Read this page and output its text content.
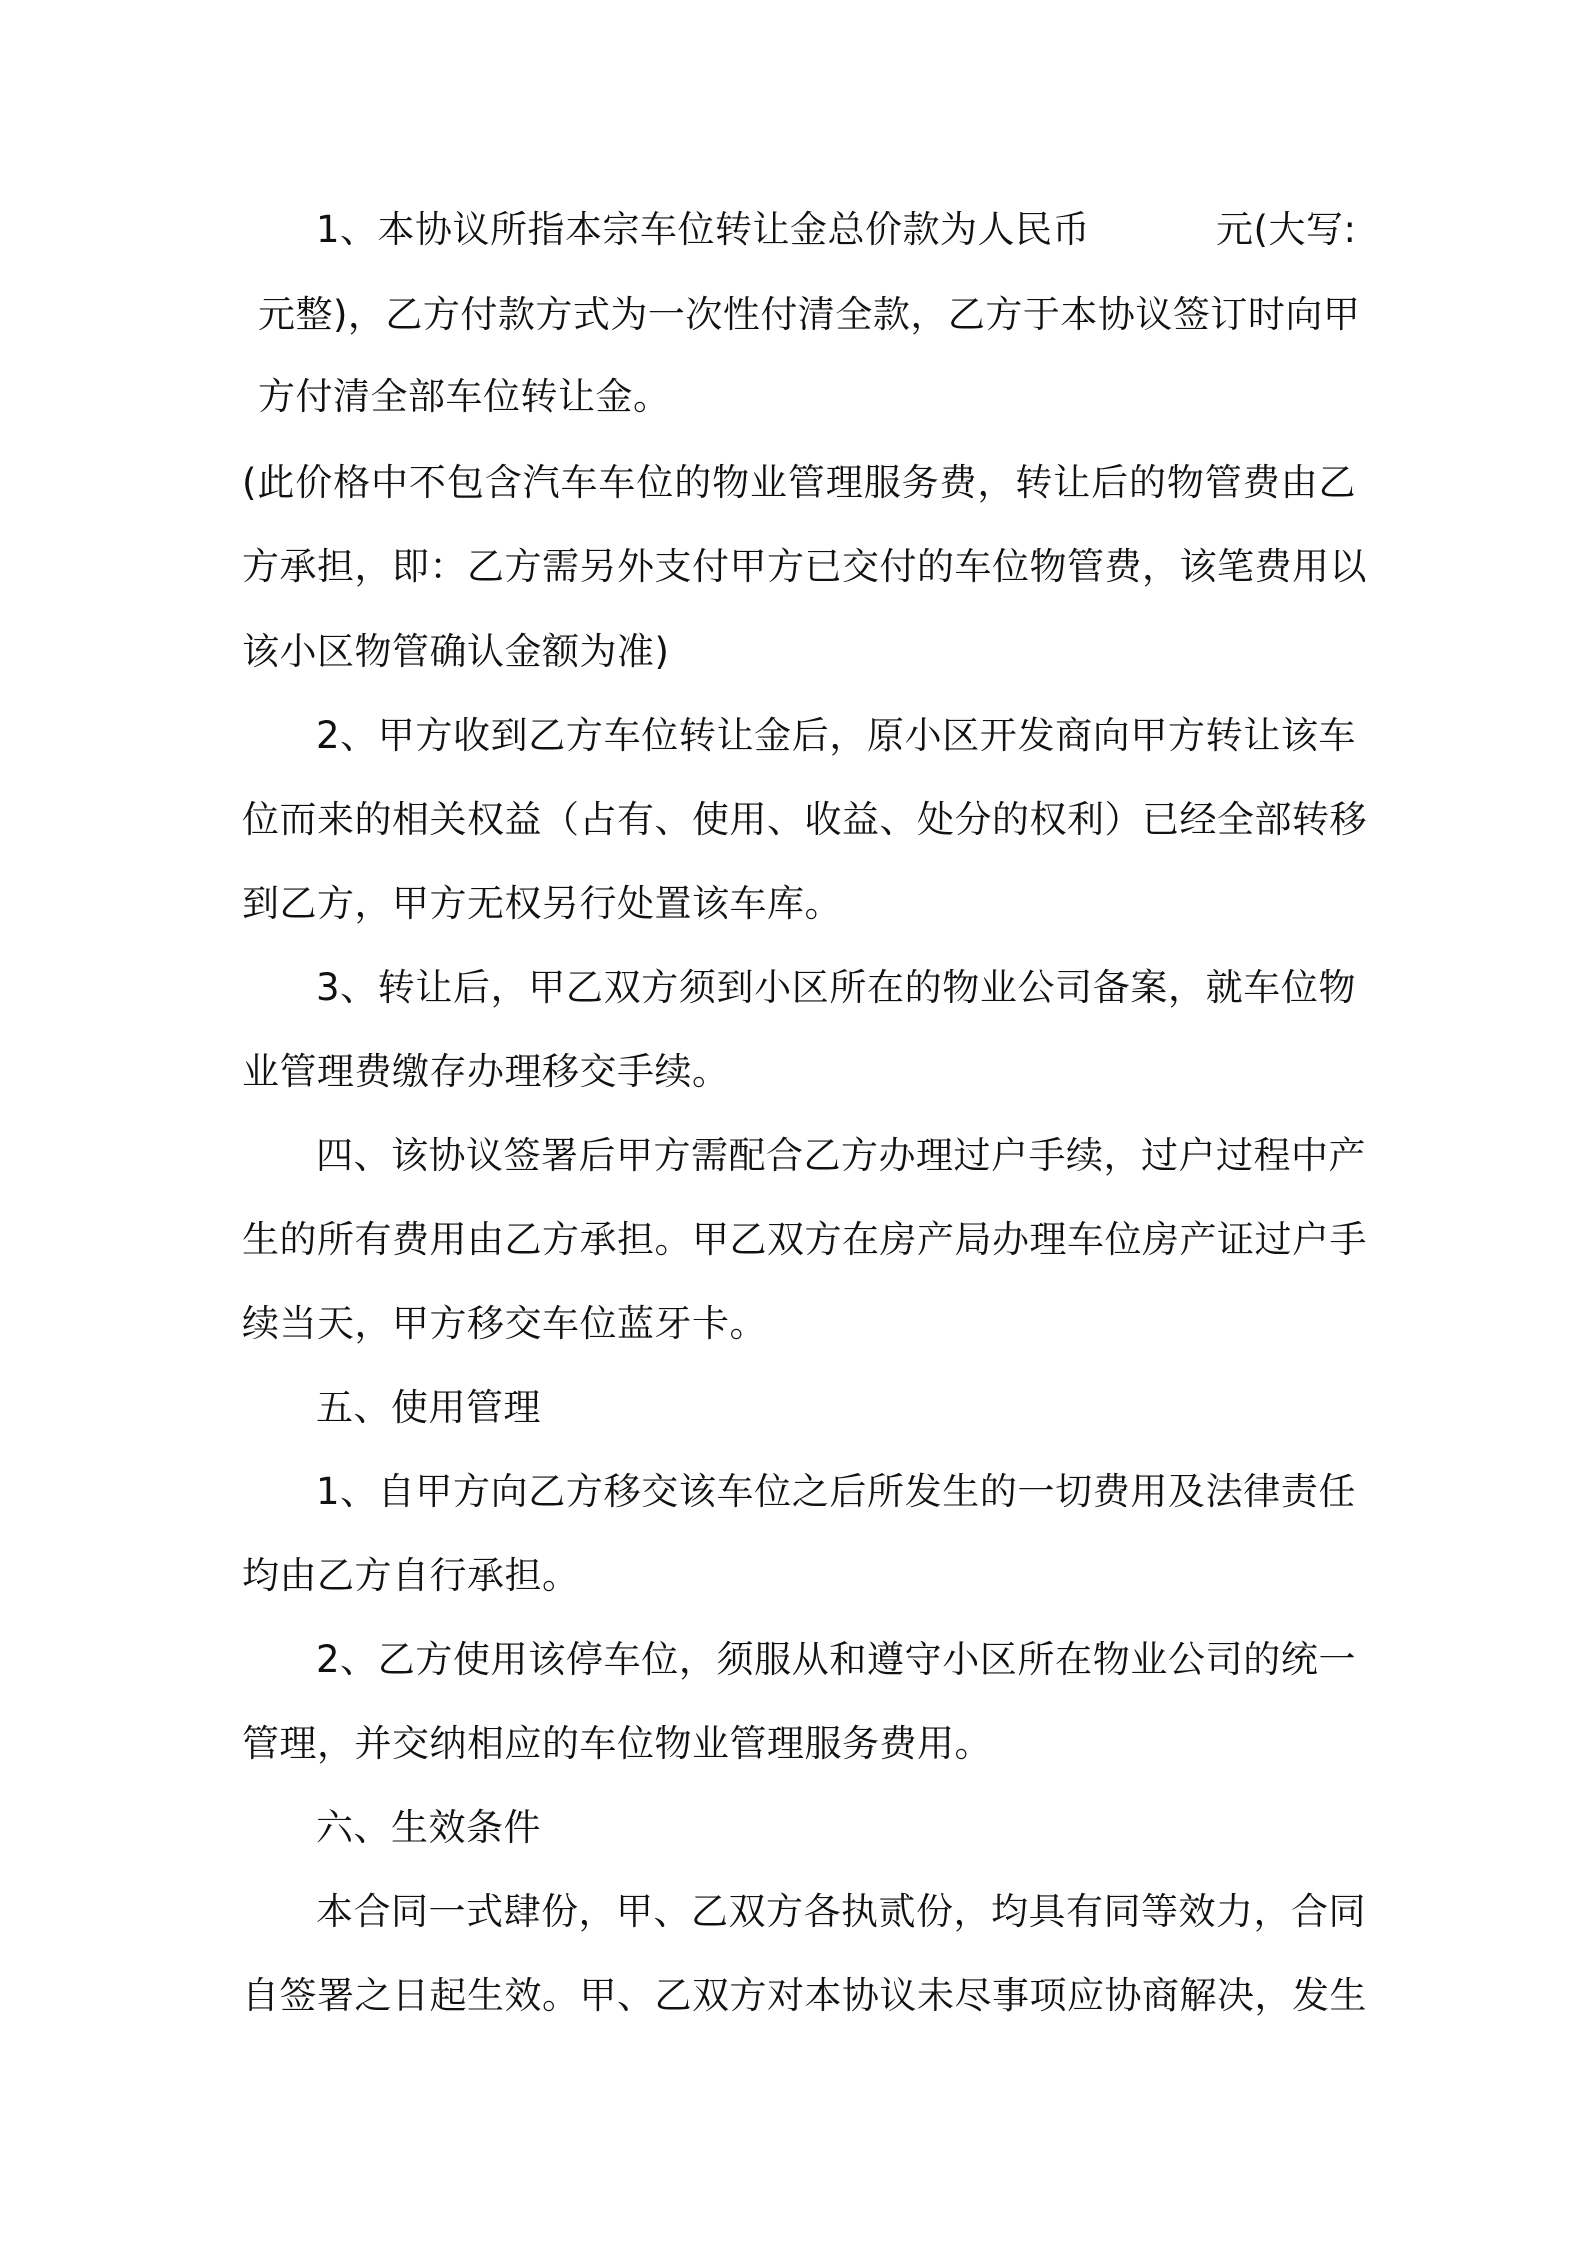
1、本协议所指本宗车位转让金总价款为人民币	元(大写:
元整)，乙方付款方式为一次性付清全款，乙方于本协议签订时向甲
方付清全部车位转让金。
(此价格中不包含汽车车位的物业管理服务费，转让后的物管费由乙
方承担，即：乙方需另外支付甲方已交付的车位物管费，该笔费用以
该小区物管确认金额为准)
2、甲方收到乙方车位转让金后，原小区开发商向甲方转让该车
位而来的相关权益（占有、使用、收益、处分的权利）已经全部转移
到乙方，甲方无权另行处置该车库。
3、转让后，甲乙双方须到小区所在的物业公司备案，就车位物
业管理费缴存办理移交手续。
四、该协议签署后甲方需配合乙方办理过户手续，过户过程中产
生的所有费用由乙方承担。甲乙双方在房产局办理车位房产证过户手
续当天，甲方移交车位蓝牙卡。
五、使用管理
1、自甲方向乙方移交该车位之后所发生的一切费用及法律责任
均由乙方自行承担。
2、乙方使用该停车位，须服从和遵守小区所在物业公司的统一
管理，并交纳相应的车位物业管理服务费用。
六、生效条件
本合同一式肆份，甲、乙双方各执贰份，均具有同等效力，合同
自签署之日起生效。甲、乙双方对本协议未尽事项应协商解决，发生
